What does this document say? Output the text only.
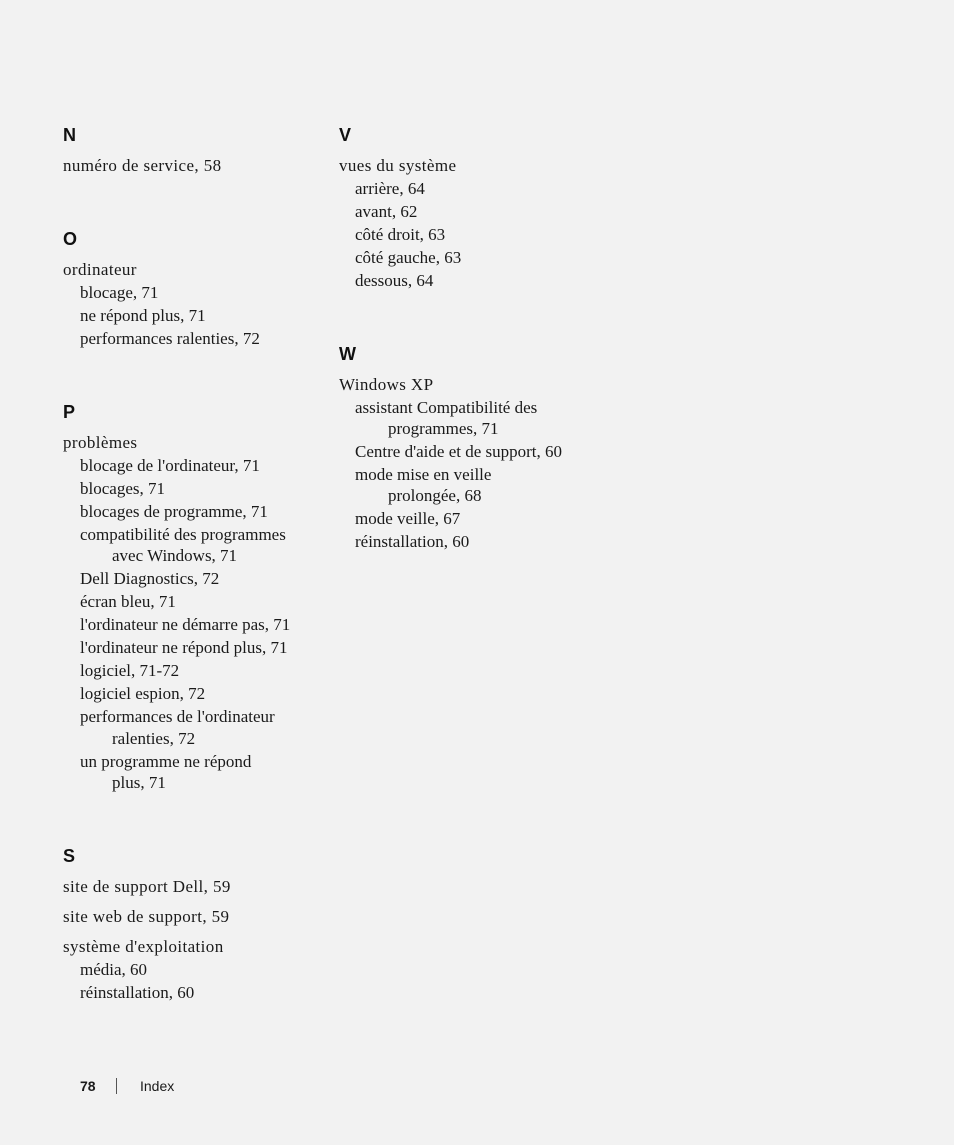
N
numéro de service, 58
O
ordinateur
blocage, 71
ne répond plus, 71
performances ralenties, 72
P
problèmes
blocage de l'ordinateur, 71
blocages, 71
blocages de programme, 71
compatibilité des programmes
avec Windows, 71
Dell Diagnostics, 72
écran bleu, 71
l'ordinateur ne démarre pas, 71
l'ordinateur ne répond plus, 71
logiciel, 71-72
logiciel espion, 72
performances de l'ordinateur
ralenties, 72
un programme ne répond
plus, 71
S
site de support Dell, 59
site web de support, 59
système d'exploitation
média, 60
réinstallation, 60
V
vues du système
arrière, 64
avant, 62
côté droit, 63
côté gauche, 63
dessous, 64
W
Windows XP
assistant Compatibilité des
programmes, 71
Centre d'aide et de support, 60
mode mise en veille
prolongée, 68
mode veille, 67
réinstallation, 60
78	Index
